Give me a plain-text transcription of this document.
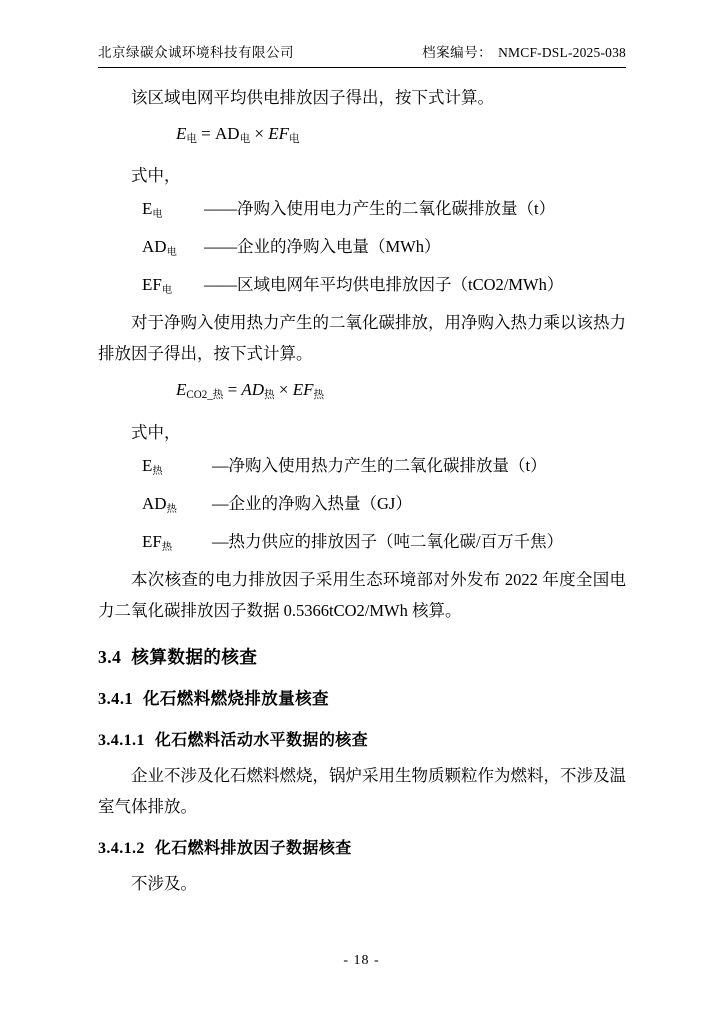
北京绿碳众诚环境科技有限公司	档案编号： NMCF-DSL-2025-038

该区域电网平均供电排放因子得出，按下式计算。

$E_电 = AD_电 \times EF_电$

式中，

$E_电$	—— 净购入使用电力产生的二氧化碳排放量（t）
$AD_电$	—— 企业的净购入电量（MWh）
$EF_电$	—— 区域电网年平均供电排放因子（tCO2/MWh）

对于净购入使用热力产生的二氧化碳排放，用净购入热力乘以该热力排放因子得出，按下式计算。

$E_{CO2\_热} = AD_热 \times EF_热$

式中，

$E_热$	— 净购入使用热力产生的二氧化碳排放量（t）
$AD_热$	— 企业的净购入热量（GJ）
$EF_热$	— 热力供应的排放因子（吨二氧化碳/百万千焦）

本次核查的电力排放因子采用生态环境部对外发布 2022 年度全国电力二氧化碳排放因子数据 0.5366tCO2/MWh 核算。

3.4 核算数据的核查
3.4.1 化石燃料燃烧排放量核查
3.4.1.1 化石燃料活动水平数据的核查

企业不涉及化石燃料燃烧，锅炉采用生物质颗粒作为燃料，不涉及温室气体排放。

3.4.1.2 化石燃料排放因子数据核查

不涉及。

- 18 -
